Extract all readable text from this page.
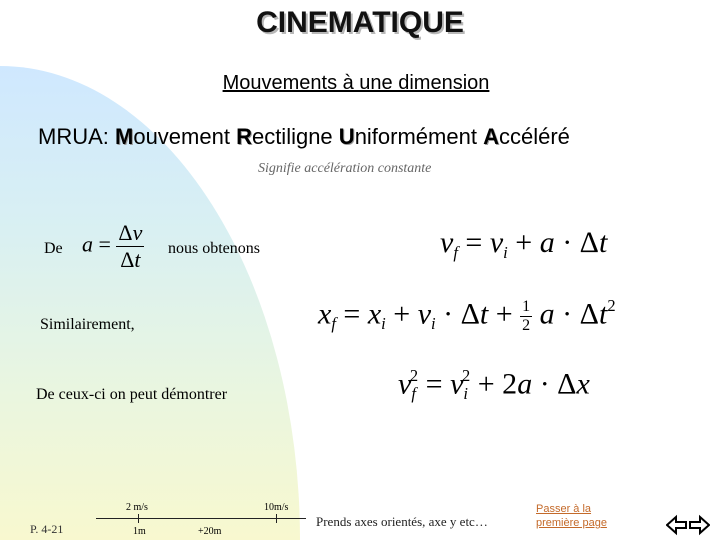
CINEMATIQUE
Mouvements à une dimension
MRUA: Mouvement Rectiligne Uniformément Accéléré
Signifie accélération constante
De $a = \frac{\Delta v}{\Delta t}$ nous obtenons	$v_f = v_i + a \cdot \Delta t$
Similairement,	$x_f = x_i + v_i \cdot \Delta t + \frac{1}{2}$ $a \cdot \Delta t^2$
De ceux-ci on peut démontrer	$v_f^2 = v_i^2 + 2a \cdot \Delta x$
P. 4-21
2 m/s	10m/s
1m	+20m
Prends axes orientés, axe y etc…
Passer à la première page
